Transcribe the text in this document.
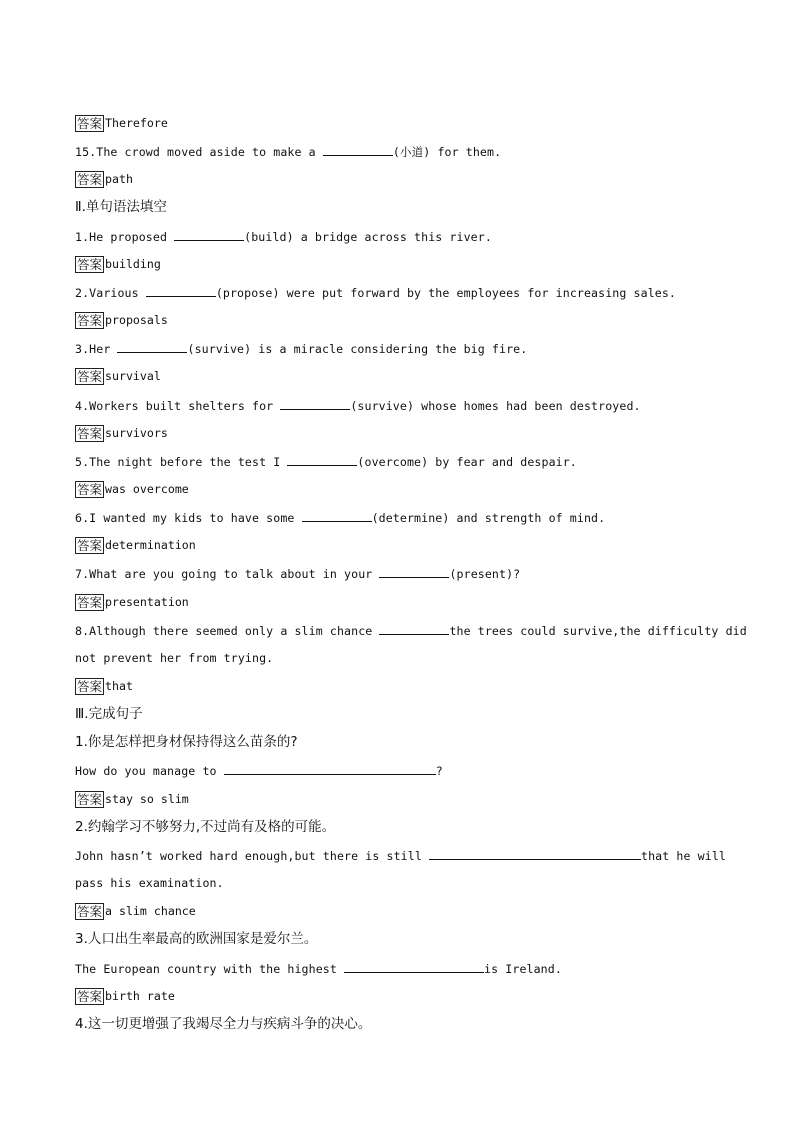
答案 Therefore
15.The crowd moved aside to make a	(小道) for them.
答案 path
Ⅱ.单句语法填空
1.He proposed	(build) a bridge across this river.
答案 building
2.Various	(propose) were put forward by the employees for increasing sales.
答案 proposals
3.Her	(survive) is a miracle considering the big fire.
答案 survival
4.Workers built shelters for	(survive) whose homes had been destroyed.
答案 survivors
5.The night before the test I	(overcome) by fear and despair.
答案 was overcome
6.I wanted my kids to have some	(determine) and strength of mind.
答案 determination
7.What are you going to talk about in your	(present)?
答案 presentation
8.Although there seemed only a slim chance	the trees could survive,the difficulty did
not prevent her from trying.
答案 that
Ⅲ.完成句子
1.你是怎样把身材保持得这么苗条的?
How do you manage to	?
答案 stay so slim
2.约翰学习不够努力,不过尚有及格的可能。
John hasn’t worked hard enough,but there is still	that he will
pass his examination.
答案 a slim chance
3.人口出生率最高的欧洲国家是爱尔兰。
The European country with the highest	is Ireland.
答案 birth rate
4.这一切更增强了我竭尽全力与疾病斗争的决心。
